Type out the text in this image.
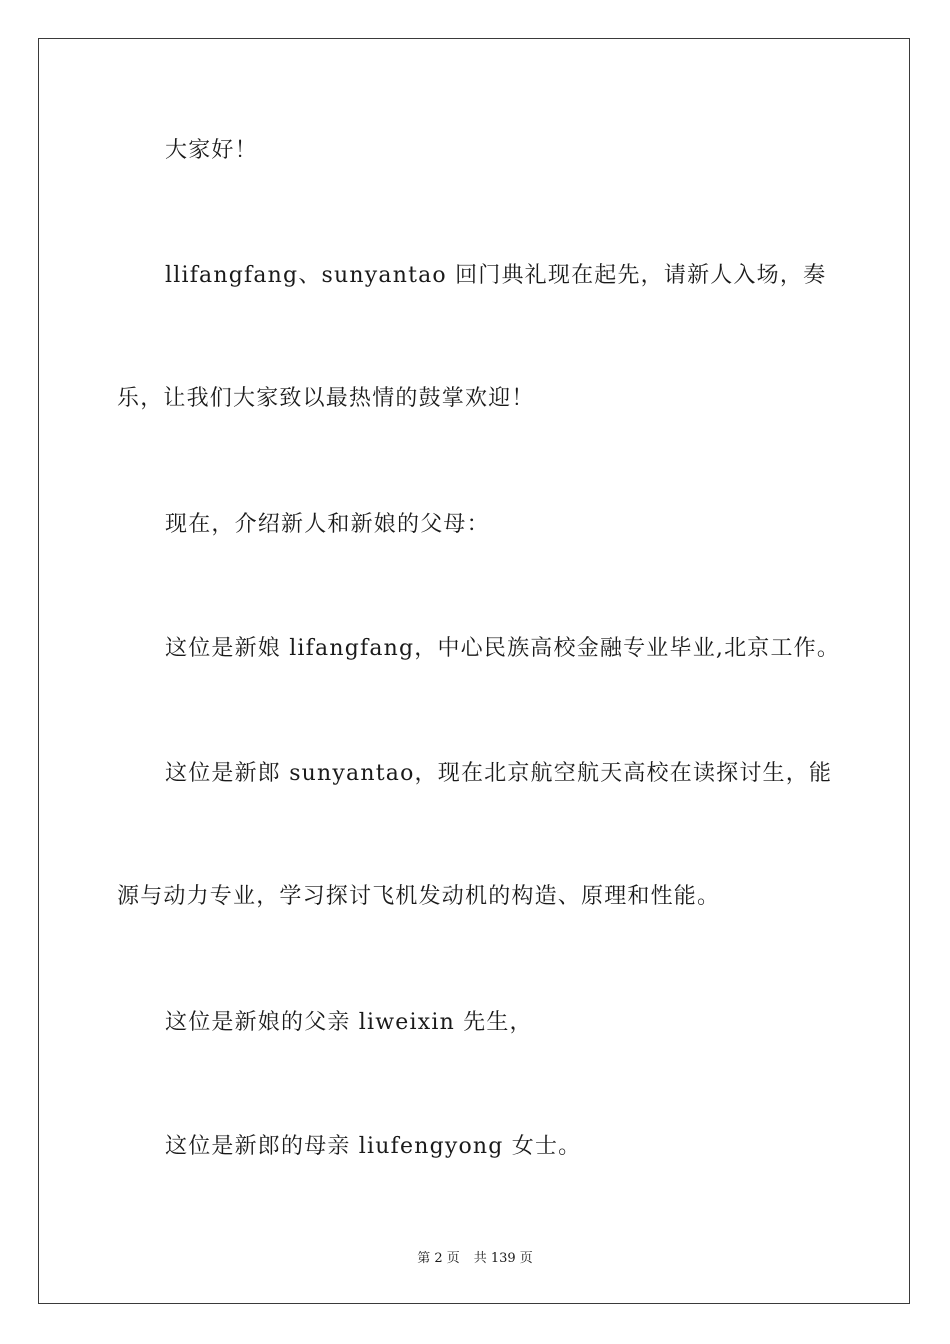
大家好！

llifangfang、sunyantao 回门典礼现在起先，请新人入场，奏

乐，让我们大家致以最热情的鼓掌欢迎！

现在，介绍新人和新娘的父母：

这位是新娘 lifangfang，中心民族高校金融专业毕业,北京工作。

这位是新郎 sunyantao，现在北京航空航天高校在读探讨生，能

源与动力专业，学习探讨飞机发动机的构造、原理和性能。

这位是新娘的父亲 liweixin 先生，

这位是新郎的母亲 liufengyong 女士。

第 2 页 共 139 页
